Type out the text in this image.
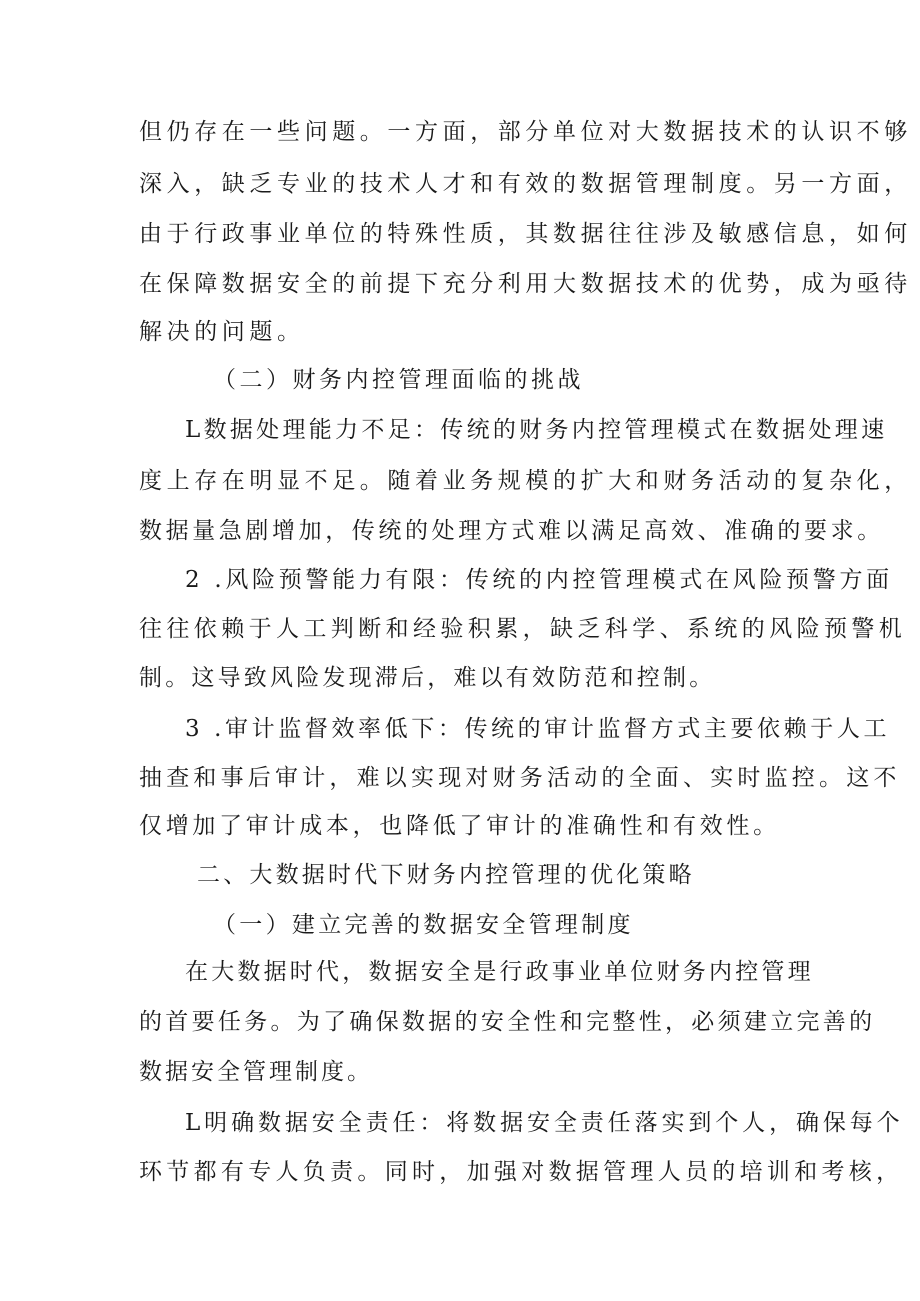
但仍存在一些问题。一方面，部分单位对大数据技术的认识不够
深入，缺乏专业的技术人才和有效的数据管理制度。另一方面，
由于行政事业单位的特殊性质，其数据往往涉及敏感信息，如何
在保障数据安全的前提下充分利用大数据技术的优势，成为亟待
解决的问题。
（二）财务内控管理面临的挑战
L数据处理能力不足：传统的财务内控管理模式在数据处理速
度上存在明显不足。随着业务规模的扩大和财务活动的复杂化，
数据量急剧增加，传统的处理方式难以满足高效、准确的要求。
2 .风险预警能力有限：传统的内控管理模式在风险预警方面
往往依赖于人工判断和经验积累，缺乏科学、系统的风险预警机
制。这导致风险发现滞后，难以有效防范和控制。
3 .审计监督效率低下：传统的审计监督方式主要依赖于人工
抽查和事后审计，难以实现对财务活动的全面、实时监控。这不
仅增加了审计成本，也降低了审计的准确性和有效性。
二、大数据时代下财务内控管理的优化策略
（一）建立完善的数据安全管理制度
在大数据时代，数据安全是行政事业单位财务内控管理
的首要任务。为了确保数据的安全性和完整性，必须建立完善的
数据安全管理制度。
L明确数据安全责任：将数据安全责任落实到个人，确保每个
环节都有专人负责。同时，加强对数据管理人员的培训和考核，
